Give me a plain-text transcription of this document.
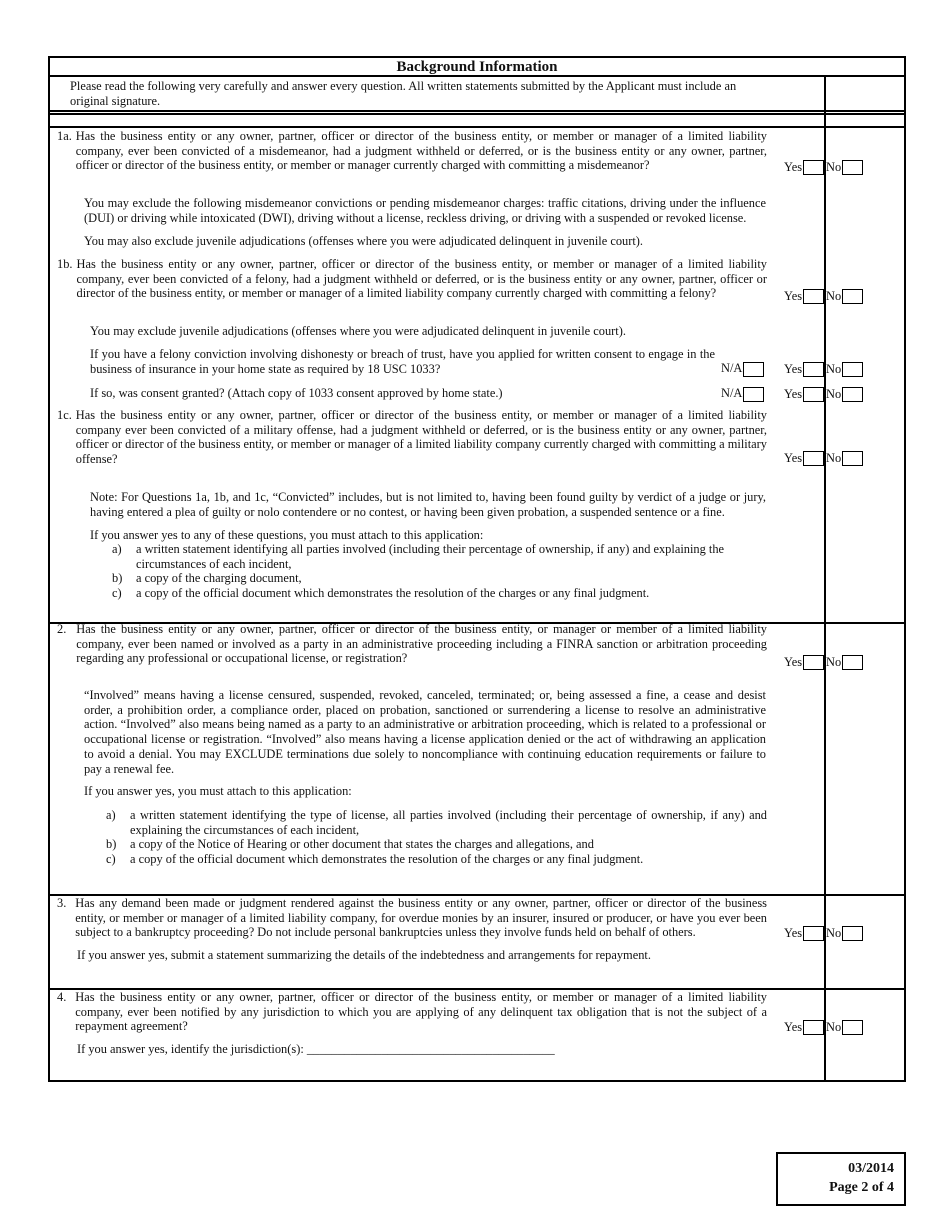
Background Information
Please read the following very carefully and answer every question. All written statements submitted by the Applicant must include an original signature.
1a. Has the business entity or any owner, partner, officer or director of the business entity, or member or manager of a limited liability company, ever been convicted of a misdemeanor, had a judgment withheld or deferred, or is the business entity or any owner, partner, officer or director of the business entity, or member or manager currently charged with committing a misdemeanor?	Yes No
You may exclude the following misdemeanor convictions or pending misdemeanor charges: traffic citations, driving under the influence (DUI) or driving while intoxicated (DWI), driving without a license, reckless driving, or driving with a suspended or revoked license.
You may also exclude juvenile adjudications (offenses where you were adjudicated delinquent in juvenile court).
1b. Has the business entity or any owner, partner, officer or director of the business entity, or member or manager of a limited liability company, ever been convicted of a felony, had a judgment withheld or deferred, or is the business entity or any owner, partner, officer or director of the business entity, or member or manager of a limited liability company currently charged with committing a felony?	Yes No
You may exclude juvenile adjudications (offenses where you were adjudicated delinquent in juvenile court).
If you have a felony conviction involving dishonesty or breach of trust, have you applied for written consent to engage in the business of insurance in your home state as required by 18 USC 1033?	N/A	Yes No
If so, was consent granted? (Attach copy of 1033 consent approved by home state.)	N/A	Yes No
1c. Has the business entity or any owner, partner, officer or director of the business entity, or member or manager of a limited liability company ever been convicted of a military offense, had a judgment withheld or deferred, or is the business entity or any owner, partner, officer or director of the business entity, or member or manager of a limited liability company currently charged with committing a military offense?	Yes No
Note: For Questions 1a, 1b, and 1c, “Convicted” includes, but is not limited to, having been found guilty by verdict of a judge or jury, having entered a plea of guilty or nolo contendere or no contest, or having been given probation, a suspended sentence or a fine.
If you answer yes to any of these questions, you must attach to this application:
a)	a written statement identifying all parties involved (including their percentage of ownership, if any) and explaining the circumstances of each incident,
b)	a copy of the charging document,
c)	a copy of the official document which demonstrates the resolution of the charges or any final judgment.
2. Has the business entity or any owner, partner, officer or director of the business entity, or manager or member of a limited liability company, ever been named or involved as a party in an administrative proceeding including a FINRA sanction or arbitration proceeding regarding any professional or occupational license, or registration?	Yes No
“Involved” means having a license censured, suspended, revoked, canceled, terminated; or, being assessed a fine, a cease and desist order, a prohibition order, a compliance order, placed on probation, sanctioned or surrendering a license to resolve an administrative action. “Involved” also means being named as a party to an administrative or arbitration proceeding, which is related to a professional or occupational license or registration. “Involved” also means having a license application denied or the act of withdrawing an application to avoid a denial. You may EXCLUDE terminations due solely to noncompliance with continuing education requirements or failure to pay a renewal fee.
If you answer yes, you must attach to this application:
a)	a written statement identifying the type of license, all parties involved (including their percentage of ownership, if any) and explaining the circumstances of each incident,
b)	a copy of the Notice of Hearing or other document that states the charges and allegations, and
c)	a copy of the official document which demonstrates the resolution of the charges or any final judgment.
3. Has any demand been made or judgment rendered against the business entity or any owner, partner, officer or director of the business entity, or member or manager of a limited liability company, for overdue monies by an insurer, insured or producer, or have you ever been subject to a bankruptcy proceeding? Do not include personal bankruptcies unless they involve funds held on behalf of others.	Yes No
If you answer yes, submit a statement summarizing the details of the indebtedness and arrangements for repayment.
4. Has the business entity or any owner, partner, officer or director of the business entity, or member or manager of a limited liability company, ever been notified by any jurisdiction to which you are applying of any delinquent tax obligation that is not the subject of a repayment agreement?	Yes No
If you answer yes, identify the jurisdiction(s): ________________________________________
03/2014
Page 2 of 4
